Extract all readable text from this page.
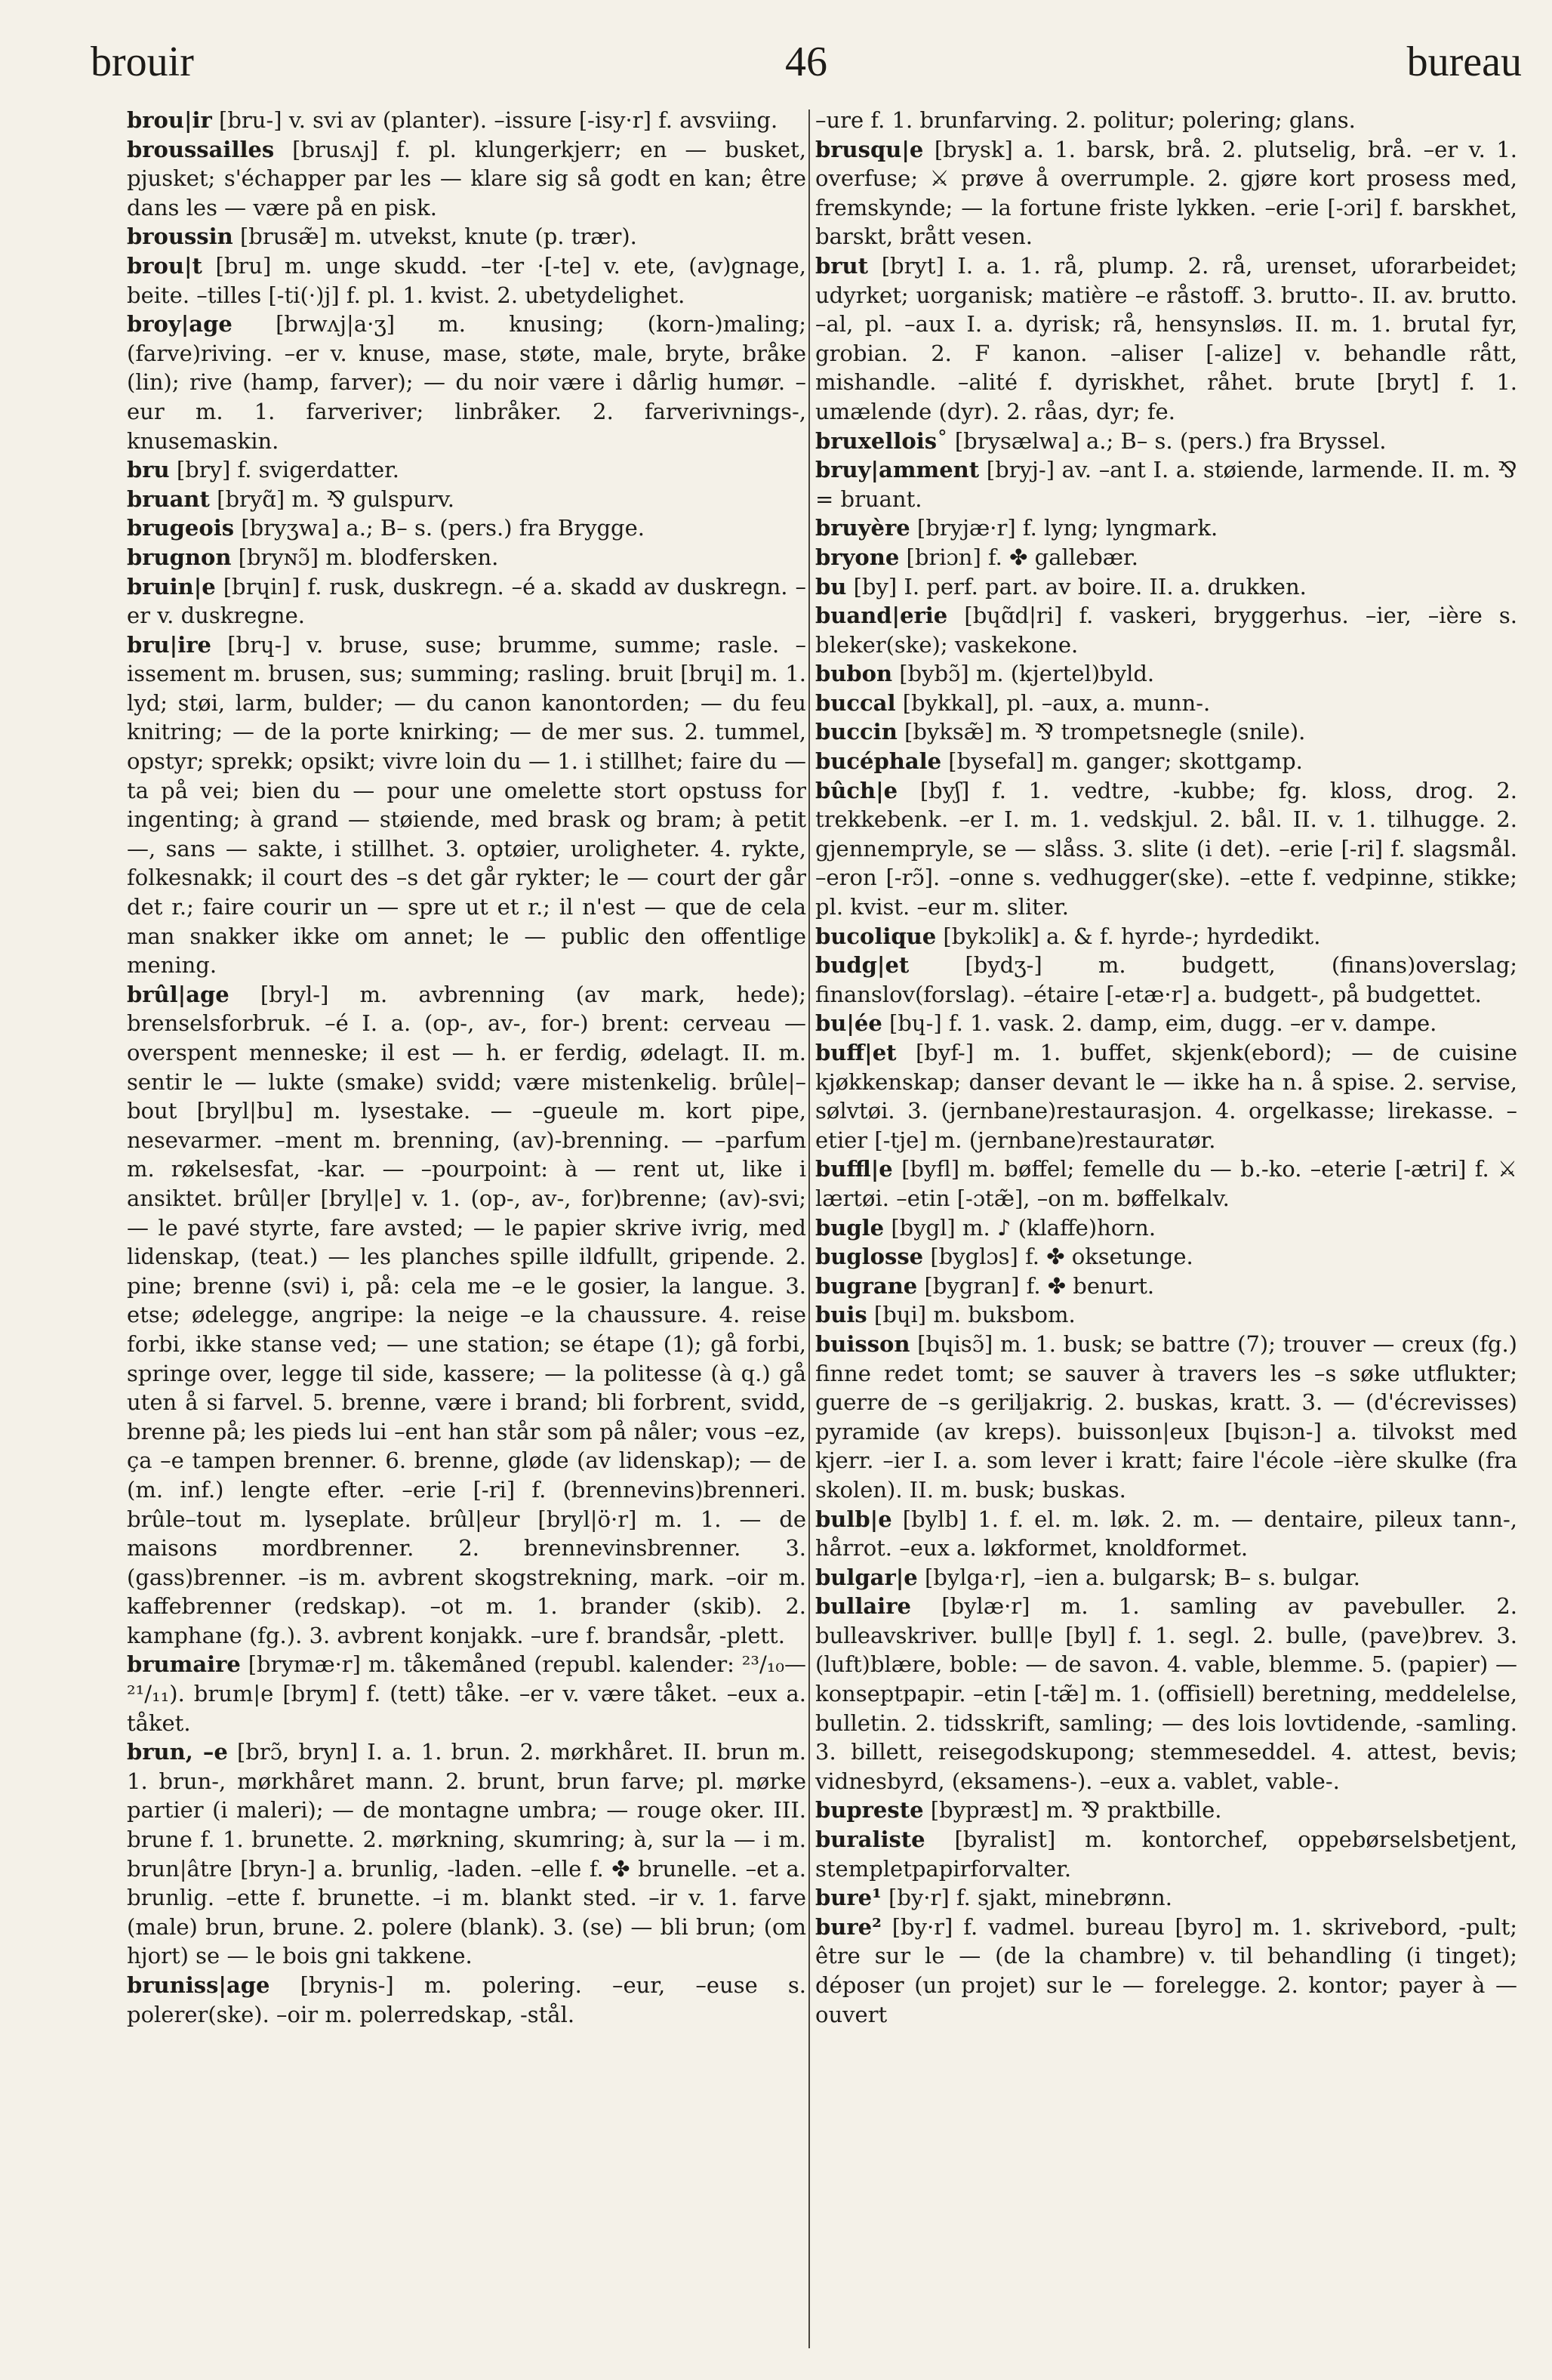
brouir	46	bureau

brou|ir [bru-] v. svi av (planter). –issure [-isy·r] f. avsviing.

broussailles [brusʌj] f. pl. klungerkjerr; en — busket, pjusket; s'échapper par les — klare sig så godt en kan; être dans les — være på en pisk.

broussin [brusæ̃] m. utvekst, knute (p. trær).

brou|t [bru] m. unge skudd. –ter ·[-te] v. ete, (av)gnage, beite. –tilles [-ti(·)j] f. pl. 1. kvist. 2. ubetydelighet.

broy|age [brwʌj|a·ʒ] m. knusing; (korn-)maling; (farve)riving. –er v. knuse, mase, støte, male, bryte, bråke (lin); rive (hamp, farver); — du noir være i dårlig humør. –eur m. 1. farveriver; linbråker. 2. farverivnings-, knusemaskin.

bru [bry] f. svigerdatter.

bruant [bryɑ̃] m. ⅋ gulspurv.

brugeois [bryʒwa] a.; B– s. (pers.) fra Brygge.

brugnon [bryɴɔ̃] m. blodfersken.

bruin|e [brɥin] f. rusk, duskregn. –é a. skadd av duskregn. –er v. duskregne.

bru|ire [brɥ-] v. bruse, suse; brumme, summe; rasle. –issement m. brusen, sus; summing; rasling. bruit [brɥi] m. 1. lyd; støi, larm, bulder; — du canon kanontorden; — du feu knitring; — de la porte knirking; — de mer sus. 2. tummel, opstyr; sprekk; opsikt; vivre loin du — 1. i stillhet; faire du — ta på vei; bien du — pour une omelette stort opstuss for ingenting; à grand — støiende, med brask og bram; à petit —, sans — sakte, i stillhet. 3. optøier, uroligheter. 4. rykte, folkesnakk; il court des –s det går rykter; le — court der går det r.; faire courir un — spre ut et r.; il n'est — que de cela man snakker ikke om annet; le — public den offentlige mening.

brûl|age [bryl-] m. avbrenning (av mark, hede); brenselsforbruk. –é I. a. (op-, av-, for-) brent: cerveau — overspent menneske; il est — h. er ferdig, ødelagt. II. m. sentir le — lukte (smake) svidd; være mistenkelig. brûle|–bout [bryl|bu] m. lysestake. — –gueule m. kort pipe, nesevarmer. –ment m. brenning, (av)-brenning. — –parfum m. røkelsesfat, -kar. — –pourpoint: à — rent ut, like i ansiktet. brûl|er [bryl|e] v. 1. (op-, av-, for)brenne; (av)-svi; — le pavé styrte, fare avsted; — le papier skrive ivrig, med lidenskap, (teat.) — les planches spille ildfullt, gripende. 2. pine; brenne (svi) i, på: cela me –e le gosier, la langue. 3. etse; ødelegge, angripe: la neige –e la chaussure. 4. reise forbi, ikke stanse ved; — une station; se étape (1); gå forbi, springe over, legge til side, kassere; — la politesse (à q.) gå uten å si farvel. 5. brenne, være i brand; bli forbrent, svidd, brenne på; les pieds lui –ent han står som på nåler; vous –ez, ça –e tampen brenner. 6. brenne, gløde (av lidenskap); — de (m. inf.) lengte efter. –erie [-ri] f. (brennevins)brenneri. brûle–tout m. lyseplate. brûl|eur [bryl|ö·r] m. 1. — de maisons mordbrenner. 2. brennevinsbrenner. 3. (gass)brenner. –is m. avbrent skogstrekning, mark. –oir m. kaffebrenner (redskap). –ot m. 1. brander (skib). 2. kamphane (fg.). 3. avbrent konjakk. –ure f. brandsår, -plett.

brumaire [brymæ·r] m. tåkemåned (republ. kalender: ²³/₁₀—²¹/₁₁). brum|e [brym] f. (tett) tåke. –er v. være tåket. –eux a. tåket.

brun, –e [brɔ̃, bryn] I. a. 1. brun. 2. mørkhåret. II. brun m. 1. brun-, mørkhåret mann. 2. brunt, brun farve; pl. mørke partier (i maleri); — de montagne umbra; — rouge oker. III. brune f. 1. brunette. 2. mørkning, skumring; à, sur la — i m. brun|âtre [bryn-] a. brunlig, -laden. –elle f. ✤ brunelle. –et a. brunlig. –ette f. brunette. –i m. blankt sted. –ir v. 1. farve (male) brun, brune. 2. polere (blank). 3. (se) — bli brun; (om hjort) se — le bois gni takkene.

bruniss|age [brynis-] m. polering. –eur, –euse s. polerer(ske). –oir m. polerredskap, -stål.

–ure f. 1. brunfarving. 2. politur; polering; glans.

brusqu|e [brysk] a. 1. barsk, brå. 2. plutselig, brå. –er v. 1. overfuse; ⚔ prøve å overrumple. 2. gjøre kort prosess med, fremskynde; — la fortune friste lykken. –erie [-ɔri] f. barskhet, barskt, brått vesen.

brut [bryt] I. a. 1. rå, plump. 2. rå, urenset, uforarbeidet; udyrket; uorganisk; matière –e råstoff. 3. brutto-. II. av. brutto. –al, pl. –aux I. a. dyrisk; rå, hensynsløs. II. m. 1. brutal fyr, grobian. 2. F kanon. –aliser [-alize] v. behandle rått, mishandle. –alité f. dyriskhet, råhet. brute [bryt] f. 1. umælende (dyr). 2. råas, dyr; fe.

bruxellois˚ [brysælwa] a.; B– s. (pers.) fra Bryssel.

bruy|amment [bryj-] av. –ant I. a. støiende, larmende. II. m. ⅋ = bruant.

bruyère [bryjæ·r] f. lyng; lyngmark.

bryone [briɔn] f. ✤ gallebær.

bu [by] I. perf. part. av boire. II. a. drukken.

buand|erie [bɥɑ̃d|ri] f. vaskeri, bryggerhus. –ier, –ière s. bleker(ske); vaskekone.

bubon [bybɔ̃] m. (kjertel)byld.

buccal [bykkal], pl. –aux, a. munn-.

buccin [byksæ̃] m. ⅋ trompetsnegle (snile).

bucéphale [bysefal] m. ganger; skottgamp.

bûch|e [byʃ] f. 1. vedtre, -kubbe; fg. kloss, drog. 2. trekkebenk. –er I. m. 1. vedskjul. 2. bål. II. v. 1. tilhugge. 2. gjennempryle, se — slåss. 3. slite (i det). –erie [-ri] f. slagsmål. –eron [-rɔ̃]. –onne s. vedhugger(ske). –ette f. vedpinne, stikke; pl. kvist. –eur m. sliter.

bucolique [bykɔlik] a. & f. hyrde-; hyrdedikt.

budg|et [bydʒ-] m. budgett, (finans)overslag; finanslov(forslag). –étaire [-etæ·r] a. budgett-, på budgettet.

bu|ée [bɥ-] f. 1. vask. 2. damp, eim, dugg. –er v. dampe.

buff|et [byf-] m. 1. buffet, skjenk(ebord); — de cuisine kjøkkenskap; danser devant le — ikke ha n. å spise. 2. servise, sølvtøi. 3. (jernbane)restaurasjon. 4. orgelkasse; lirekasse. –etier [-tje] m. (jernbane)restauratør.

buffl|e [byfl] m. bøffel; femelle du — b.-ko. –eterie [-ætri] f. ⚔ lærtøi. –etin [-ɔtæ̃], –on m. bøffelkalv.

bugle [bygl] m. ♪ (klaffe)horn.

buglosse [byglɔs] f. ✤ oksetunge.

bugrane [bygran] f. ✤ benurt.

buis [bɥi] m. buksbom.

buisson [bɥisɔ̃] m. 1. busk; se battre (7); trouver — creux (fg.) finne redet tomt; se sauver à travers les –s søke utflukter; guerre de –s geriljakrig. 2. buskas, kratt. 3. — (d'écrevisses) pyramide (av kreps). buisson|eux [bɥisɔn-] a. tilvokst med kjerr. –ier I. a. som lever i kratt; faire l'école –ière skulke (fra skolen). II. m. busk; buskas.

bulb|e [bylb] 1. f. el. m. løk. 2. m. — dentaire, pileux tann-, hårrot. –eux a. løkformet, knoldformet.

bulgar|e [bylga·r], –ien a. bulgarsk; B– s. bulgar.

bullaire [bylæ·r] m. 1. samling av pavebuller. 2. bulleavskriver. bull|e [byl] f. 1. segl. 2. bulle, (pave)brev. 3. (luft)blære, boble: — de savon. 4. vable, blemme. 5. (papier) — konseptpapir. –etin [-tæ̃] m. 1. (offisiell) beretning, meddelelse, bulletin. 2. tidsskrift, samling; — des lois lovtidende, -samling. 3. billett, reisegodskupong; stemmeseddel. 4. attest, bevis; vidnesbyrd, (eksamens-). –eux a. vablet, vable-.

bupreste [bypræst] m. ⅋ praktbille.

buraliste [byralist] m. kontorchef, oppebørselsbetjent, stempletpapirforvalter.

bure¹ [by·r] f. sjakt, minebrønn.

bure² [by·r] f. vadmel. bureau [byro] m. 1. skrivebord, -pult; être sur le — (de la chambre) v. til behandling (i tinget); déposer (un projet) sur le — forelegge. 2. kontor; payer à — ouvert
